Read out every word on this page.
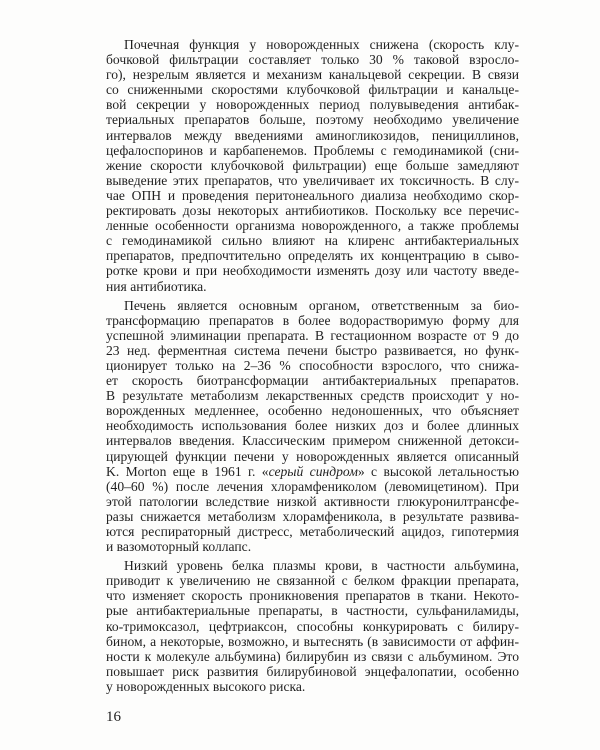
Почечная функция у новорожденных снижена (скорость клу-
бочковой фильтрации составляет только 30 % таковой взросло-
го), незрелым является и механизм канальцевой секреции. В связи
со сниженными скоростями клубочковой фильтрации и канальце-
вой секреции у новорожденных период полувыведения антибак-
териальных препаратов больше, поэтому необходимо увеличение
интервалов между введениями аминогликозидов, пенициллинов,
цефалоспоринов и карбапенемов. Проблемы с гемодинамикой (сни-
жение скорости клубочковой фильтрации) еще больше замедляют
выведение этих препаратов, что увеличивает их токсичность. В слу-
чае ОПН и проведения перитонеального диализа необходимо скор-
ректировать дозы некоторых антибиотиков. Поскольку все перечис-
ленные особенности организма новорожденного, а также проблемы
с гемодинамикой сильно влияют на клиренс антибактериальных
препаратов, предпочтительно определять их концентрацию в сыво-
ротке крови и при необходимости изменять дозу или частоту введе-
ния антибиотика.
Печень является основным органом, ответственным за био-
трансформацию препаратов в более водорастворимую форму для
успешной элиминации препарата. В гестационном возрасте от 9 до
23 нед. ферментная система печени быстро развивается, но функ-
ционирует только на 2–36 % способности взрослого, что снижа-
ет скорость биотрансформации антибактериальных препаратов.
В результате метаболизм лекарственных средств происходит у но-
ворожденных медленнее, особенно недоношенных, что объясняет
необходимость использования более низких доз и более длинных
интервалов введения. Классическим примером сниженной детокси-
цирующей функции печени у новорожденных является описанный
K. Morton еще в 1961 г. «серый синдром» с высокой летальностью
(40–60 %) после лечения хлорамфениколом (левомицетином). При
этой патологии вследствие низкой активности глюкуронилтрансфе-
разы снижается метаболизм хлорамфеникола, в результате развива-
ются респираторный дистресс, метаболический ацидоз, гипотермия
и вазомоторный коллапс.
Низкий уровень белка плазмы крови, в частности альбумина,
приводит к увеличению не связанной с белком фракции препарата,
что изменяет скорость проникновения препаратов в ткани. Некото-
рые антибактериальные препараты, в частности, сульфаниламиды,
ко-тримоксазол, цефтриаксон, способны конкурировать с билиру-
бином, а некоторые, возможно, и вытеснять (в зависимости от аффин-
ности к молекуле альбумина) билирубин из связи с альбумином. Это
повышает риск развития билирубиновой энцефалопатии, особенно
у новорожденных высокого риска.
16
